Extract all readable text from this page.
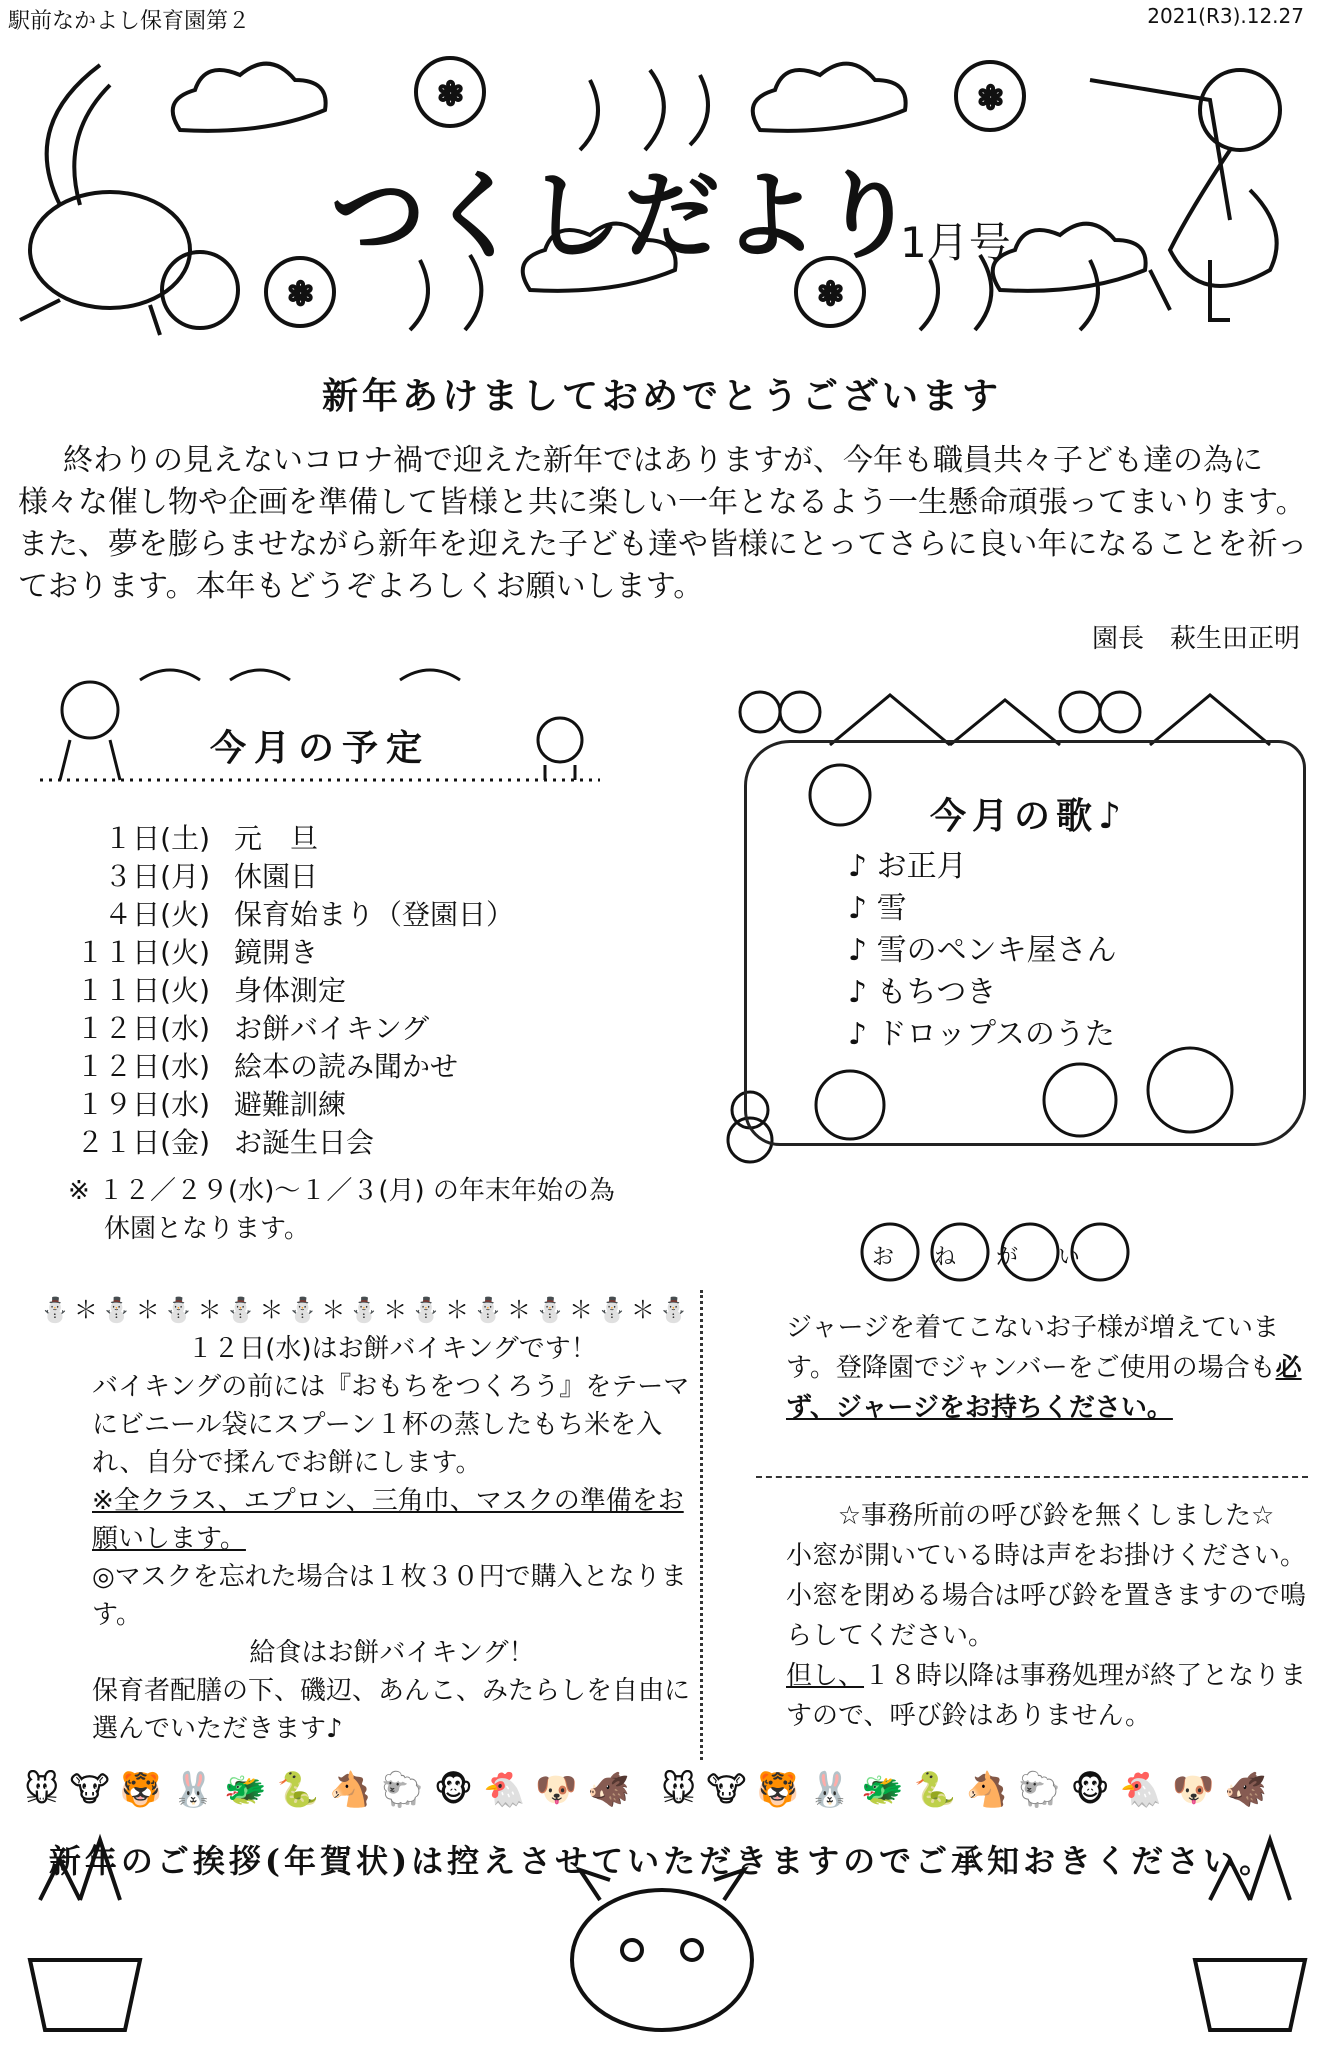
✻	✻
✻	✻
駅前なかよし保育園第２	2021(R3).12.27
つくしだより
1月号
新年あけましておめでとうございます

終わりの見えないコロナ禍で迎えた新年ではありますが、今年も職員共々子ども達の為に様々な催し物や企画を準備して皆様と共に楽しい一年となるよう一生懸命頑張ってまいります。また、夢を膨らませながら新年を迎えた子ども達や皆様にとってさらに良い年になることを祈っております。本年もどうぞよろしくお願いします。

園長　萩生田正明
今月の予定
１日(土) 元　旦
３日(月) 休園日
４日(火) 保育始まり（登園日）
１１日(火) 鏡開き
１１日(火) 身体測定
１２日(水) お餅バイキング
１２日(水) 絵本の読み聞かせ
１９日(水) 避難訓練
２１日(金) お誕生日会
※ １２／２９(水)～１／３(月) の年末年始の為
休園となります。
今月の歌♪
♪ お正月
♪ 雪
♪ 雪のペンキ屋さん
♪ もちつき
♪ ドロップスのうた
⛄＊⛄＊⛄＊⛄＊⛄＊⛄＊⛄＊⛄＊⛄＊⛄＊⛄
１２日(水)はお餅バイキングです！
バイキングの前には『おもちをつくろう』をテーマにビニール袋にスプーン１杯の蒸したもち米を入れ、自分で揉んでお餅にします。
※全クラス、エプロン、三角巾、マスクの準備をお願いします。
◎マスクを忘れた場合は１枚３０円で購入となります。
給食はお餅バイキング！
保育者配膳の下、磯辺、あんこ、みたらしを自由に選んでいただきます♪
おねがい
ジャージを着てこないお子様が増えています。登降園でジャンバーをご使用の場合も必ず、ジャージをお持ちください。
☆事務所前の呼び鈴を無くしました☆
小窓が開いている時は声をお掛けください。小窓を閉める場合は呼び鈴を置きますので鳴らしてください。
但し、１８時以降は事務処理が終了となりますので、呼び鈴はありません。
🐭🐮🐯🐰🐲🐍🐴🐑🐵🐔🐶🐗 🐭🐮🐯🐰🐲🐍🐴🐑🐵🐔🐶🐗
新年のご挨拶(年賀状)は控えさせていただきますのでご承知おきください。
